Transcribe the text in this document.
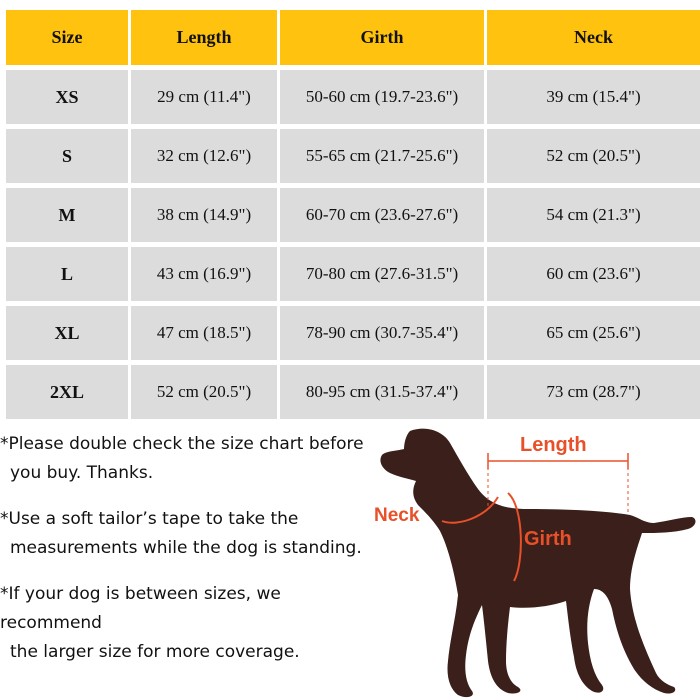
Size	Length	Girth	Neck
XS	29 cm (11.4")	50-60 cm (19.7-23.6")	39 cm (15.4")
S	32 cm (12.6")	55-65 cm (21.7-25.6")	52 cm (20.5")
M	38 cm (14.9")	60-70 cm (23.6-27.6")	54 cm (21.3")
L	43 cm (16.9")	70-80 cm (27.6-31.5")	60 cm (23.6")
XL	47 cm (18.5")	78-90 cm (30.7-35.4")	65 cm (25.6")
2XL	52 cm (20.5")	80-95 cm (31.5-37.4")	73 cm (28.7")
*Please double check the size chart before
you buy. Thanks.
*Use a soft tailor’s tape to take the
measurements while the dog is standing.
*If your dog is between sizes, we recommend
the larger size for more coverage.
Length
Neck
Girth
